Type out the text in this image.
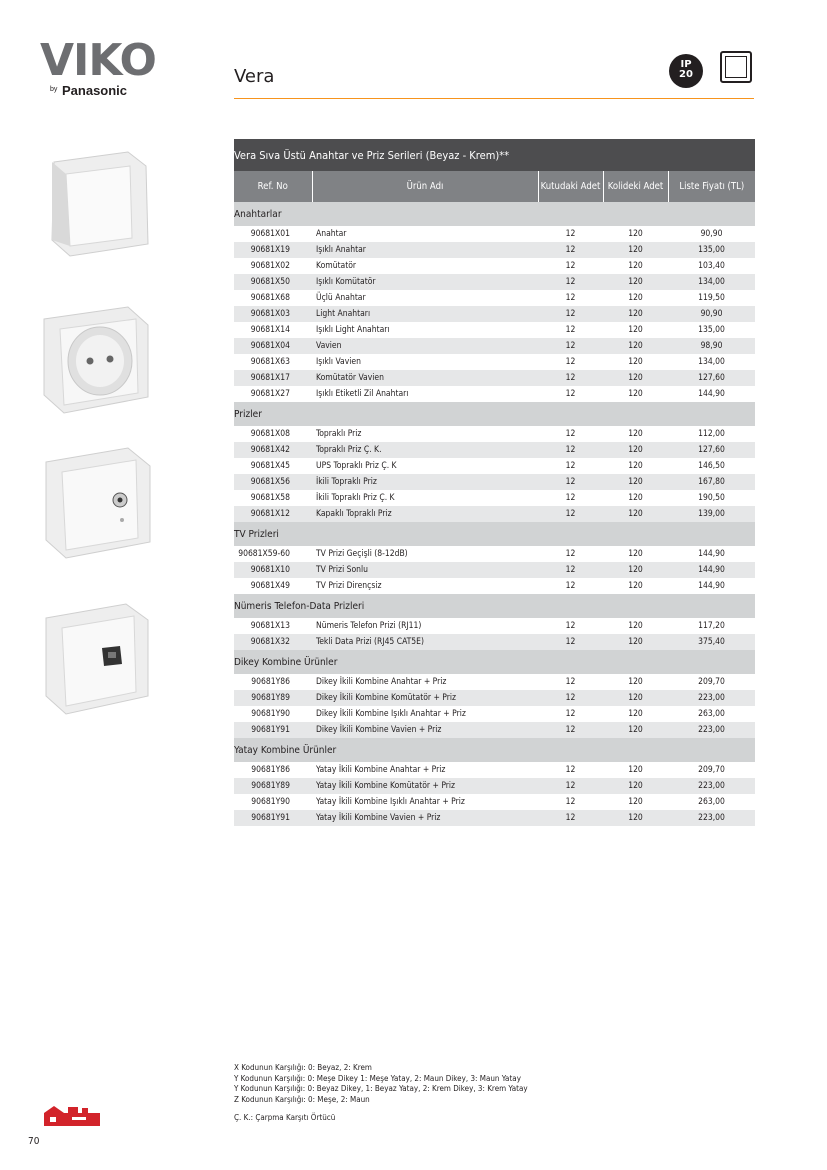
VIKO
by Panasonic
Vera
IP
20
Vera Sıva Üstü Anahtar ve Priz Serileri (Beyaz - Krem)**				
Ref. No	Ürün Adı	Kutudaki Adet	Kolideki Adet	Liste Fiyatı (TL)
Anahtarlar				
90681X01	Anahtar	12	120	90,90
90681X19	Işıklı Anahtar	12	120	135,00
90681X02	Komütatör	12	120	103,40
90681X50	Işıklı Komütatör	12	120	134,00
90681X68	Üçlü Anahtar	12	120	119,50
90681X03	Light Anahtarı	12	120	90,90
90681X14	Işıklı Light Anahtarı	12	120	135,00
90681X04	Vavien	12	120	98,90
90681X63	Işıklı Vavien	12	120	134,00
90681X17	Komütatör Vavien	12	120	127,60
90681X27	Işıklı Etiketli Zil Anahtarı	12	120	144,90
Prizler				
90681X08	Topraklı Priz	12	120	112,00
90681X42	Topraklı Priz Ç. K.	12	120	127,60
90681X45	UPS Topraklı Priz Ç. K	12	120	146,50
90681X56	İkili Topraklı Priz	12	120	167,80
90681X58	İkili Topraklı Priz Ç. K	12	120	190,50
90681X12	Kapaklı Topraklı Priz	12	120	139,00
TV Prizleri				
90681X59-60	TV Prizi Geçişli (8-12dB)	12	120	144,90
90681X10	TV Prizi Sonlu	12	120	144,90
90681X49	TV Prizi Dirençsiz	12	120	144,90
Nümeris Telefon-Data Prizleri				
90681X13	Nümeris Telefon Prizi (RJ11)	12	120	117,20
90681X32	Tekli Data Prizi (RJ45 CAT5E)	12	120	375,40
Dikey Kombine Ürünler				
90681Y86	Dikey İkili Kombine Anahtar + Priz	12	120	209,70
90681Y89	Dikey İkili Kombine Komütatör + Priz	12	120	223,00
90681Y90	Dikey İkili Kombine Işıklı Anahtar + Priz	12	120	263,00
90681Y91	Dikey İkili Kombine Vavien + Priz	12	120	223,00
Yatay Kombine Ürünler				
90681Y86	Yatay İkili Kombine Anahtar + Priz	12	120	209,70
90681Y89	Yatay İkili Kombine Komütatör + Priz	12	120	223,00
90681Y90	Yatay İkili Kombine Işıklı Anahtar + Priz	12	120	263,00
90681Y91	Yatay İkili Kombine Vavien + Priz	12	120	223,00
X Kodunun Karşılığı: 0: Beyaz, 2: Krem
Y Kodunun Karşılığı: 0: Meşe Dikey 1: Meşe Yatay, 2: Maun Dikey, 3: Maun Yatay
Y Kodunun Karşılığı: 0: Beyaz Dikey, 1: Beyaz Yatay, 2: Krem Dikey, 3: Krem Yatay
Z Kodunun Karşılığı: 0: Meşe, 2: Maun
Ç. K.: Çarpma Karşıtı Örtücü
70
